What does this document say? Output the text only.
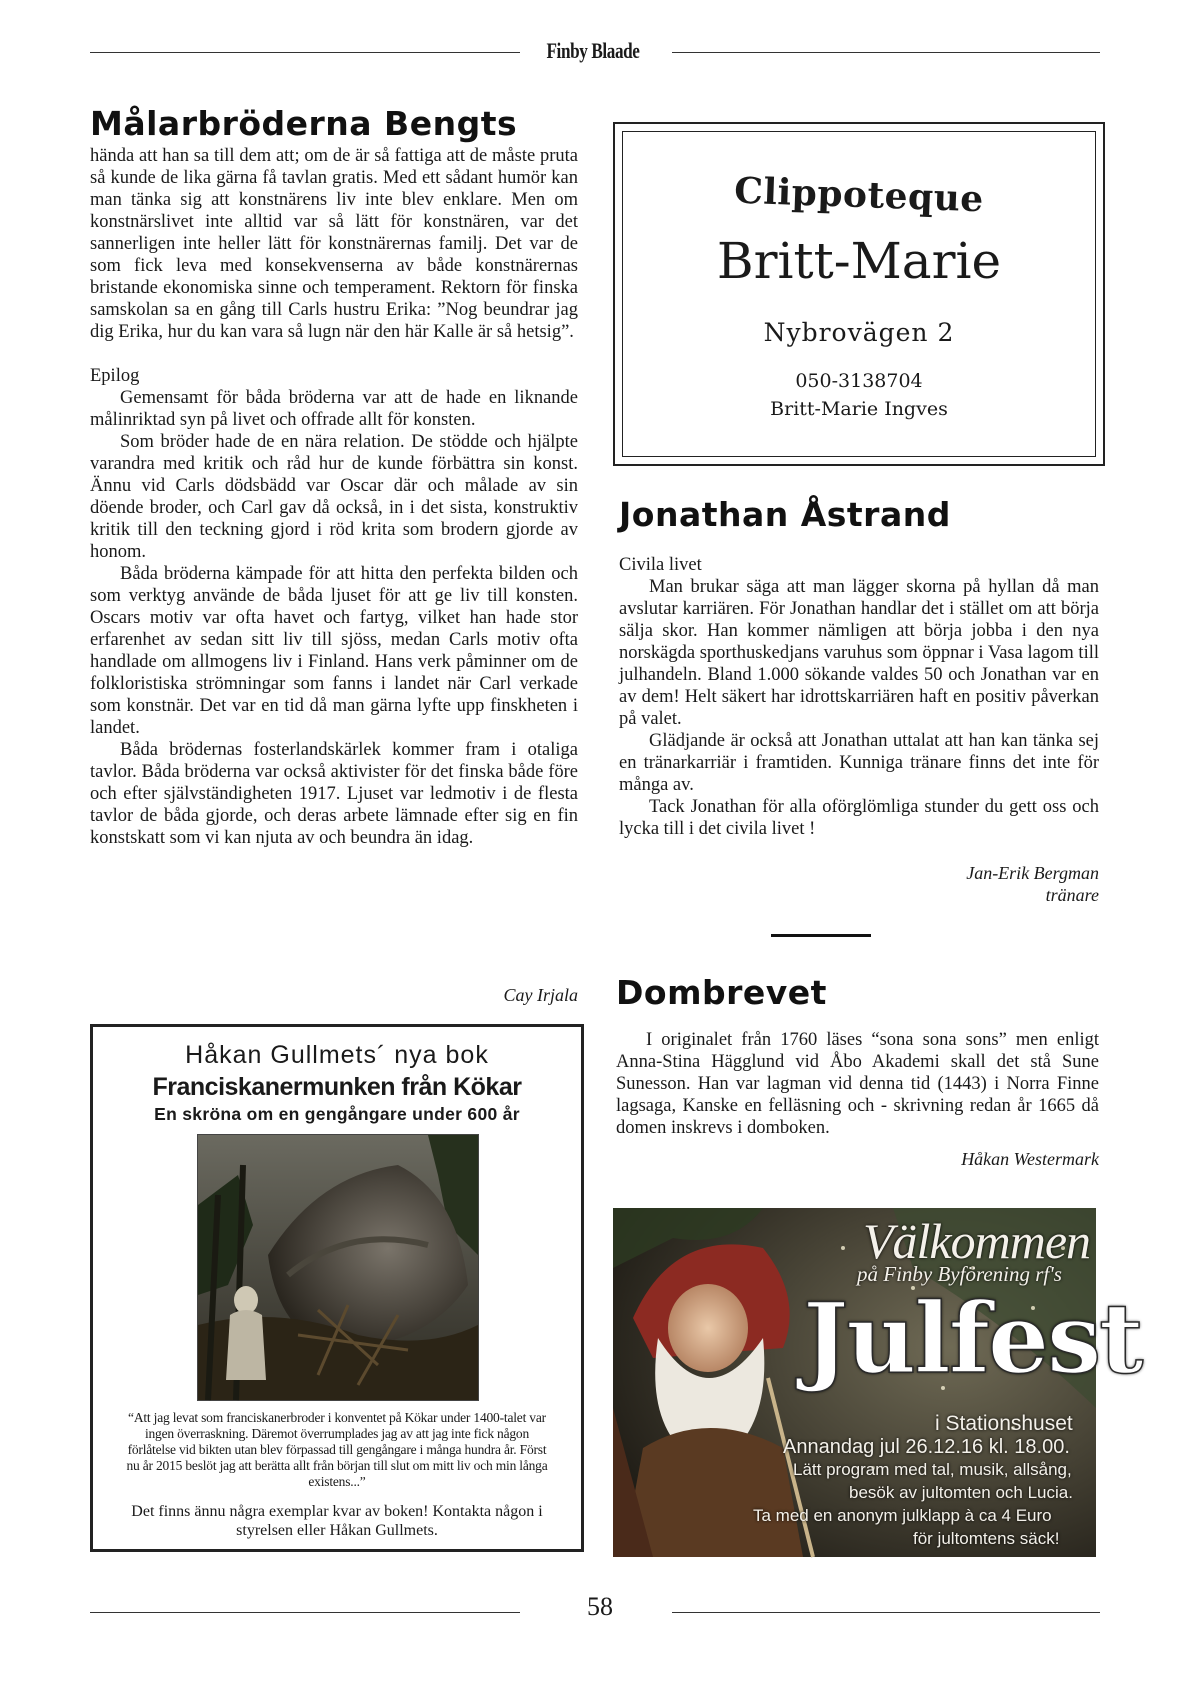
Finby Blaade
Målarbröderna Bengts

hända att han sa till dem att; om de är så fattiga att de måste pruta så kunde de lika gärna få tavlan gratis. Med ett sådant humör kan man tänka sig att konstnärens liv inte blev enklare. Men om konstnärslivet inte alltid var så lätt för konstnären, var det sannerligen inte heller lätt för konstnärernas familj. Det var de som fick leva med konsekvenserna av både konstnärernas bristande ekonomiska sinne och temperament. Rektorn för finska samskolan sa en gång till Carls hustru Erika: ”Nog beundrar jag dig Erika, hur du kan vara så lugn när den här Kalle är så hetsig”.

Epilog

Gemensamt för båda bröderna var att de hade en liknande målinriktad syn på livet och offrade allt för konsten.

Som bröder hade de en nära relation. De stödde och hjälpte varandra med kritik och råd hur de kunde förbättra sin konst. Ännu vid Carls dödsbädd var Oscar där och målade av sin döende broder, och Carl gav då också, in i det sista, konstruktiv kritik till den teckning gjord i röd krita som brodern gjorde av honom.

Båda bröderna kämpade för att hitta den perfekta bilden och som verktyg använde de båda ljuset för att ge liv till konsten. Oscars motiv var ofta havet och fartyg, vilket han hade stor erfarenhet av sedan sitt liv till sjöss, medan Carls motiv ofta handlade om allmogens liv i Finland. Hans verk påminner om de folkloristiska strömningar som fanns i landet när Carl verkade som konstnär. Det var en tid då man gärna lyfte upp finskheten i landet.

Båda brödernas fosterlandskärlek kommer fram i otaliga tavlor. Båda bröderna var också aktivister för det finska både före och efter självständigheten 1917. Ljuset var ledmotiv i de flesta tavlor de båda gjorde, och deras arbete lämnade efter sig en fin konstskatt som vi kan njuta av och beundra än idag.

Cay Irjala
Håkan Gullmets´ nya bok
Franciskanermunken från Kökar
En skröna om en gengångare under 600 år
“Att jag levat som franciskanerbroder i konventet på Kökar under 1400-talet var ingen överraskning. Däremot överrumplades jag av att jag inte fick någon förlåtelse vid bikten utan blev förpassad till gengångare i många hundra år. Först nu år 2015 beslöt jag att berätta allt från början till slut om mitt liv och min långa existens...”
Det finns ännu några exemplar kvar av boken! Kontakta någon i styrelsen eller Håkan Gullmets.
Clippoteque
Britt-Marie
Nybrovägen 2
050-3138704
Britt-Marie Ingves
Jonathan Åstrand

Civila livet

Man brukar säga att man lägger skorna på hyllan då man avslutar karriären. För Jonathan handlar det i stället om att börja sälja skor. Han kommer nämligen att börja jobba i den nya norskägda sporthuskedjans varuhus som öppnar i Vasa lagom till julhandeln. Bland 1.000 sökande valdes 50 och Jonathan var en av dem! Helt säkert har idrottskarriären haft en positiv påverkan på valet.

Glädjande är också att Jonathan uttalat att han kan tänka sej en tränarkarriär i framtiden. Kunniga tränare finns det inte för många av.

Tack Jonathan för alla oförglömliga stunder du gett oss och lycka till i det civila livet !

Jan-Erik Bergman
tränare
Dombrevet

I originalet från 1760 läses “sona sona sons” men enligt Anna-Stina Hägglund vid Åbo Akademi skall det stå Sune Sunesson. Han var lagman vid denna tid (1443) i Norra Finne lagsaga, Kanske en felläsning och - skrivning redan år 1665 då domen inskrevs i domboken.

Håkan Westermark
Välkommen
på Finby Byförening rf's
Julfest
i Stationshuset
Annandag jul 26.12.16 kl. 18.00.
Lätt program med tal, musik, allsång,
besök av jultomten och Lucia.
Ta med en anonym julklapp à ca 4 Euro
för jultomtens säck!
58
